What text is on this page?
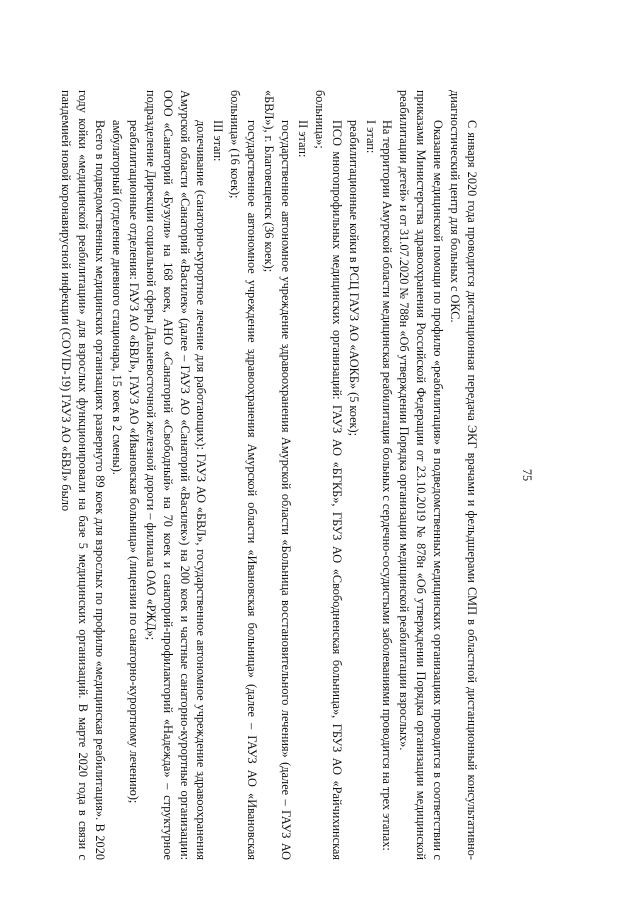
75

С января 2020 года проводится дистанционная передача ЭКГ врачами и фельдшерами СМП в областной дистанционный консультативно- диагностический центр для больных с ОКС.

Оказание медицинской помощи по профилю «реабилитация» в подведомственных медицинских организациях проводится в соответствии с приказами Министерства здравоохранения Российской Федерации от 23.10.2019 № 878н «Об утверждении Порядка организации медицинской реабилитации детей» и от 31.07.2020 № 788н «Об утверждении Порядка организации медицинской реабилитации взрослых».

На территории Амурской области медицинская реабилитация больных с сердечно-сосудистыми заболеваниями проводится на трех этапах:

I этап:

реабилитационные койки в РСЦ ГАУЗ АО «АОКБ» (5 коек);

ПСО многопрофильных медицинских организаций: ГАУЗ АО «БГКБ», ГБУЗ АО «Свободненская больница», ГБУЗ АО «Райчихинская больница»;

II этап:

государственное автономное учреждение здравоохранения Амурской области «Больница восстановительного лечения» (далее – ГАУЗ АО «БВЛ»), г. Благовещенск (36 коек);

государственное автономное учреждение здравоохранения Амурской области «Ивановская больница» (далее – ГАУЗ АО «Ивановская больница» (16 коек);

III этап:

долечивание (санаторно-курортное лечение для работающих): ГАУЗ АО «БВЛ», государственное автономное учреждение здравоохранения Амурской области «Санаторий «Василек» (далее – ГАУЗ АО «Санаторий «Василек») на 200 коек и частные санаторно-курортные организации: ООО «Санаторий «Бузули» на 168 коек, АНО «Санаторий «Свободный» на 70 коек и санаторий-профилакторий «Надежда» – структурное подразделение Дирекции социальной сферы Дальневосточной железной дороги – филиала ОАО «РЖД»;

реабилитационные отделения: ГАУЗ АО «БВЛ», ГАУЗ АО «Ивановская больница» (лицензии по санаторно-курортному лечению);

амбулаторный (отделение дневного стационара, 15 коек в 2 смены).

Всего в подведомственных медицинских организациях развернуто 89 коек для взрослых по профилю «медицинская реабилитация». В 2020 году койки «медицинской реабилитации» для взрослых функционировали на базе 5 медицинских организаций. В марте 2020 года в связи с пандемией новой коронавирусной инфекции (COVID-19) ГАУЗ АО «БВЛ» было
